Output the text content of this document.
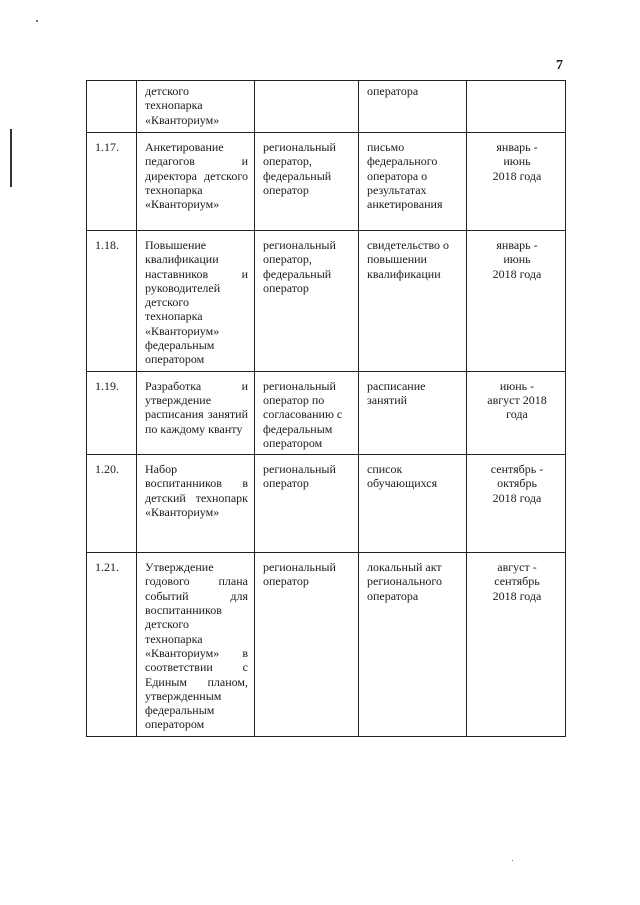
7
	детского
технопарка
«Кванториум»		оператора	
1.17.	Анкетирование педагогов и директора детского технопарка «Кванториум»	региональный
оператор,
федеральный
оператор	письмо
федерального
оператора о
результатах
анкетирования	январь -
июнь
2018 года
1.18.	Повышение квалификации наставников и руководителей детского технопарка «Кванториум» федеральным оператором	региональный
оператор,
федеральный
оператор	свидетельство о
повышении
квалификации	январь -
июнь
2018 года
1.19.	Разработка и утверждение расписания занятий по каждому кванту	региональный
оператор по
согласованию с
федеральным
оператором	расписание
занятий	июнь -
август 2018
года
1.20.	Набор воспитанников в детский технопарк «Кванториум»	региональный
оператор	список
обучающихся	сентябрь -
октябрь
2018 года
1.21.	Утверждение годового плана событий для воспитанников детского технопарка «Кванториум» в соответствии с Единым планом, утвержденным федеральным оператором	региональный
оператор	локальный акт
регионального
оператора	август -
сентябрь
2018 года
